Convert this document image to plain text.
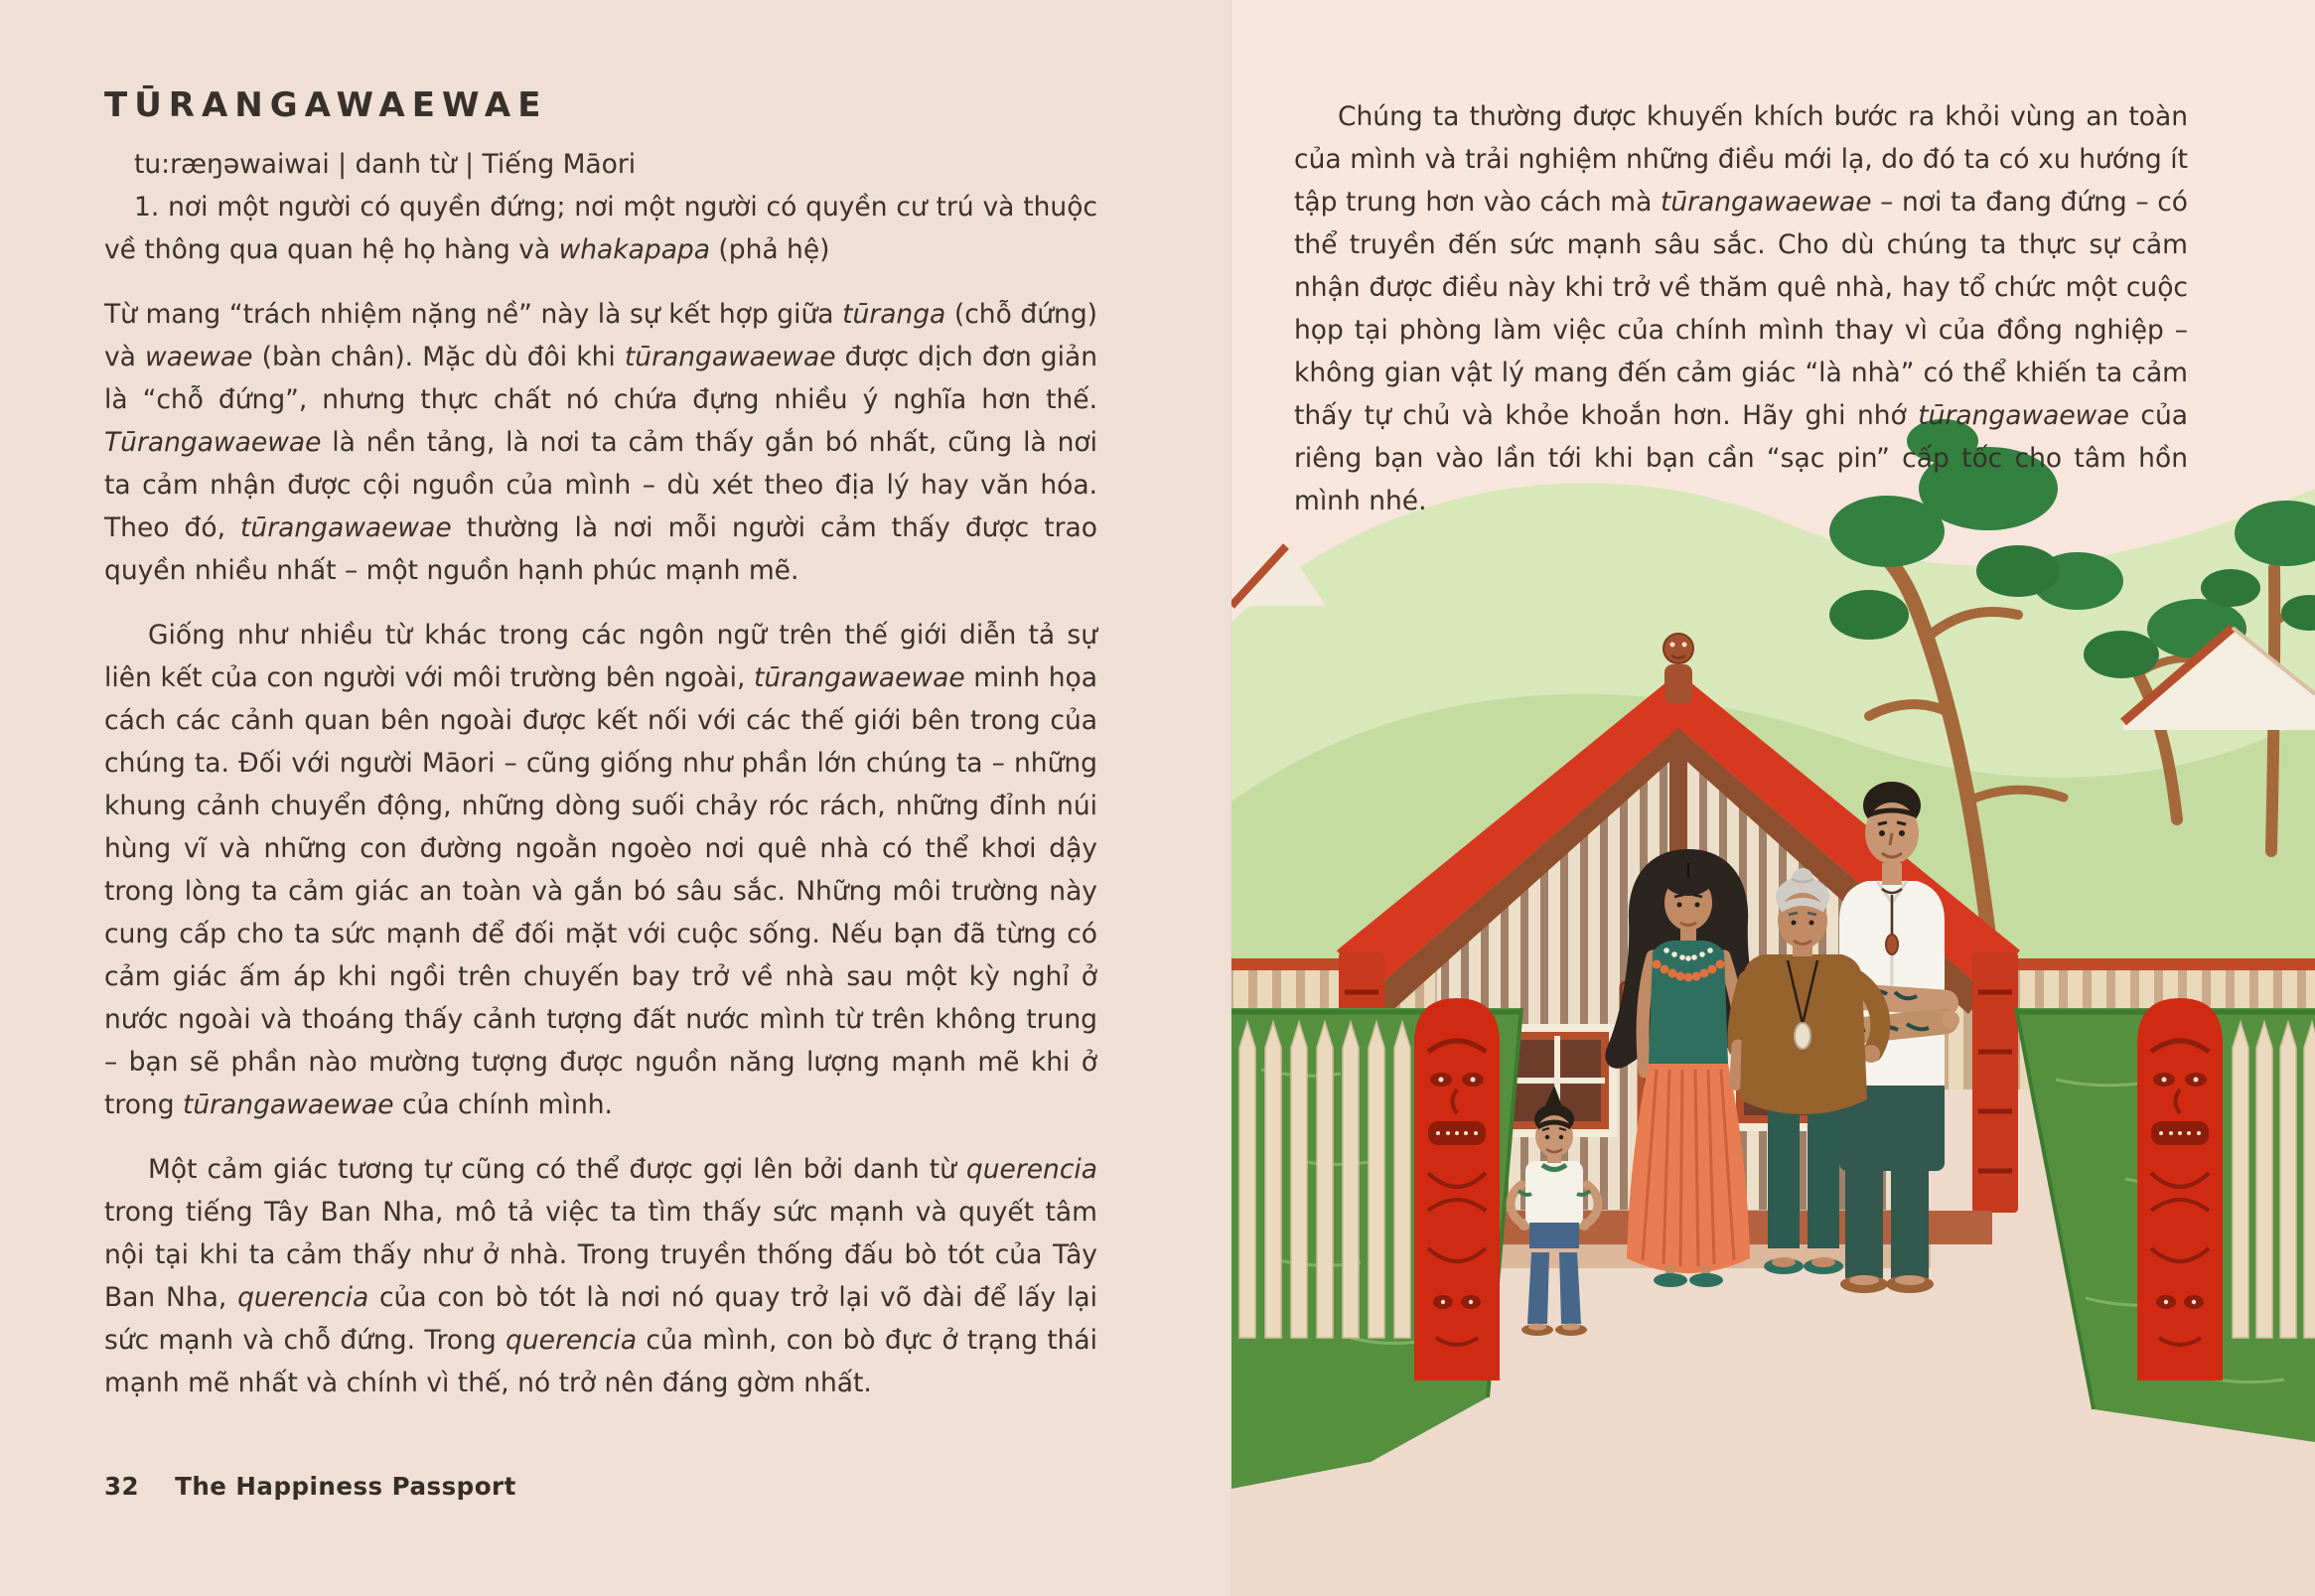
TŪRANGAWAEWAE
tu:ræŋəwaiwai | danh từ | Tiếng Māori

1. nơi một người có quyền đứng; nơi một người có quyền cư trú và thuộc về thông qua quan hệ họ hàng và whakapapa (phả hệ)

Từ mang “trách nhiệm nặng nề” này là sự kết hợp giữa tūranga (chỗ đứng) và waewae (bàn chân). Mặc dù đôi khi tūrangawaewae được dịch đơn giản là “chỗ đứng”, nhưng thực chất nó chứa đựng nhiều ý nghĩa hơn thế. Tūrangawaewae là nền tảng, là nơi ta cảm thấy gắn bó nhất, cũng là nơi ta cảm nhận được cội nguồn của mình – dù xét theo địa lý hay văn hóa. Theo đó, tūrangawaewae thường là nơi mỗi người cảm thấy được trao quyền nhiều nhất – một nguồn hạnh phúc mạnh mẽ.

Giống như nhiều từ khác trong các ngôn ngữ trên thế giới diễn tả sự liên kết của con người với môi trường bên ngoài, tūrangawaewae minh họa cách các cảnh quan bên ngoài được kết nối với các thế giới bên trong của chúng ta. Đối với người Māori – cũng giống như phần lớn chúng ta – những khung cảnh chuyển động, những dòng suối chảy róc rách, những đỉnh núi hùng vĩ và những con đường ngoằn ngoèo nơi quê nhà có thể khơi dậy trong lòng ta cảm giác an toàn và gắn bó sâu sắc. Những môi trường này cung cấp cho ta sức mạnh để đối mặt với cuộc sống. Nếu bạn đã từng có cảm giác ấm áp khi ngồi trên chuyến bay trở về nhà sau một kỳ nghỉ ở nước ngoài và thoáng thấy cảnh tượng đất nước mình từ trên không trung – bạn sẽ phần nào mường tượng được nguồn năng lượng mạnh mẽ khi ở trong tūrangawaewae của chính mình.

Một cảm giác tương tự cũng có thể được gợi lên bởi danh từ querencia trong tiếng Tây Ban Nha, mô tả việc ta tìm thấy sức mạnh và quyết tâm nội tại khi ta cảm thấy như ở nhà. Trong truyền thống đấu bò tót của Tây Ban Nha, querencia của con bò tót là nơi nó quay trở lại võ đài để lấy lại sức mạnh và chỗ đứng. Trong querencia của mình, con bò đực ở trạng thái mạnh mẽ nhất và chính vì thế, nó trở nên đáng gờm nhất.

32 The Happiness Passport

Chúng ta thường được khuyến khích bước ra khỏi vùng an toàn của mình và trải nghiệm những điều mới lạ, do đó ta có xu hướng ít tập trung hơn vào cách mà tūrangawaewae – nơi ta đang đứng – có thể truyền đến sức mạnh sâu sắc. Cho dù chúng ta thực sự cảm nhận được điều này khi trở về thăm quê nhà, hay tổ chức một cuộc họp tại phòng làm việc của chính mình thay vì của đồng nghiệp – không gian vật lý mang đến cảm giác “là nhà” có thể khiến ta cảm thấy tự chủ và khỏe khoắn hơn. Hãy ghi nhớ tūrangawaewae của riêng bạn vào lần tới khi bạn cần “sạc pin” cấp tốc cho tâm hồn mình nhé.
